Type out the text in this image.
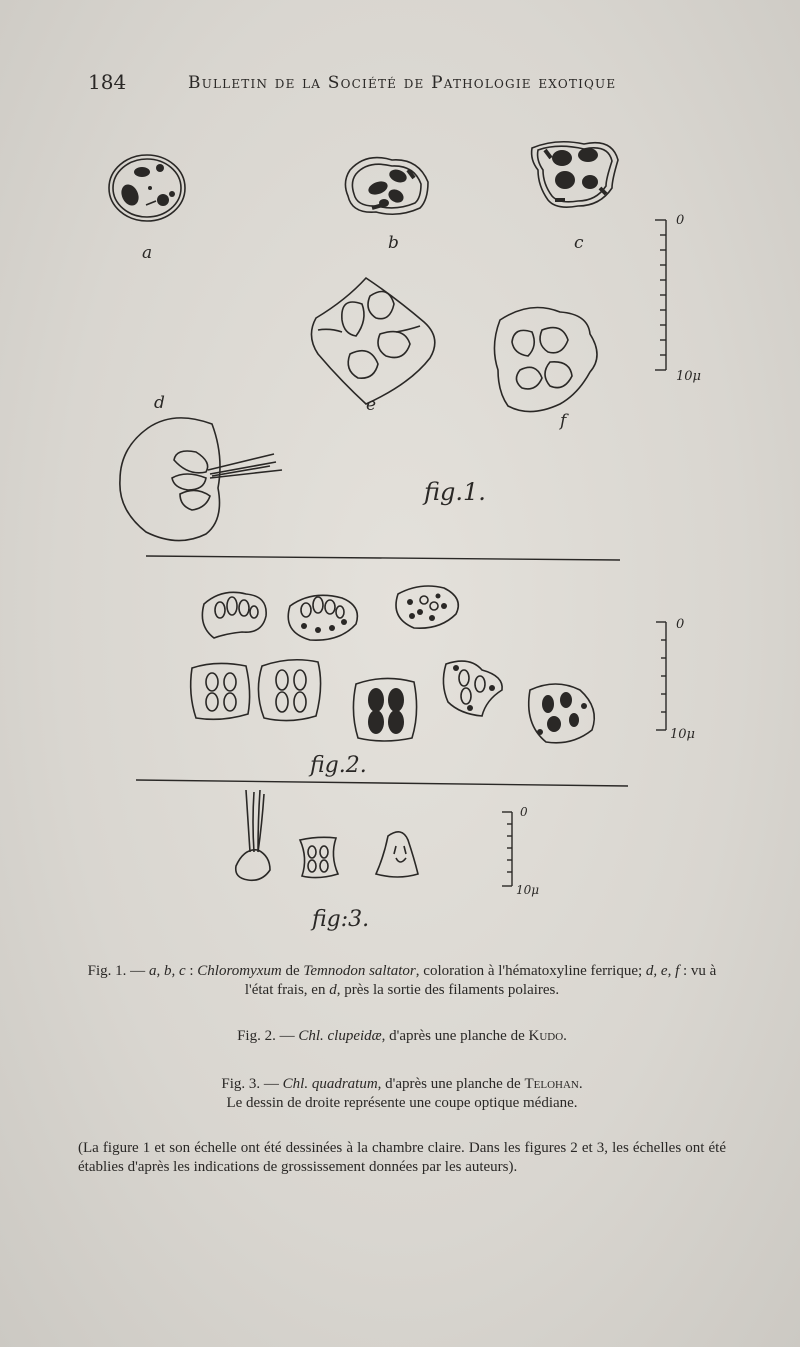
184	Bulletin de la Société de Pathologie exotique
a	b	c
0
10μ
e
f
d
fig.1.
0
10μ
fig.2.
0
10μ
fig:3.
Fig. 1. — a, b, c : Chloromyxum de Temnodon saltator, coloration à l'hématoxyline ferrique; d, e, f : vu à l'état frais, en d, près la sortie des filaments polaires.
Fig. 2. — Chl. clupeidæ, d'après une planche de Kudo.
Fig. 3. — Chl. quadratum, d'après une planche de Telohan.
Le dessin de droite représente une coupe optique médiane.
(La figure 1 et son échelle ont été dessinées à la chambre claire. Dans les figures 2 et 3, les échelles ont été établies d'après les indications de grossissement données par les auteurs).
